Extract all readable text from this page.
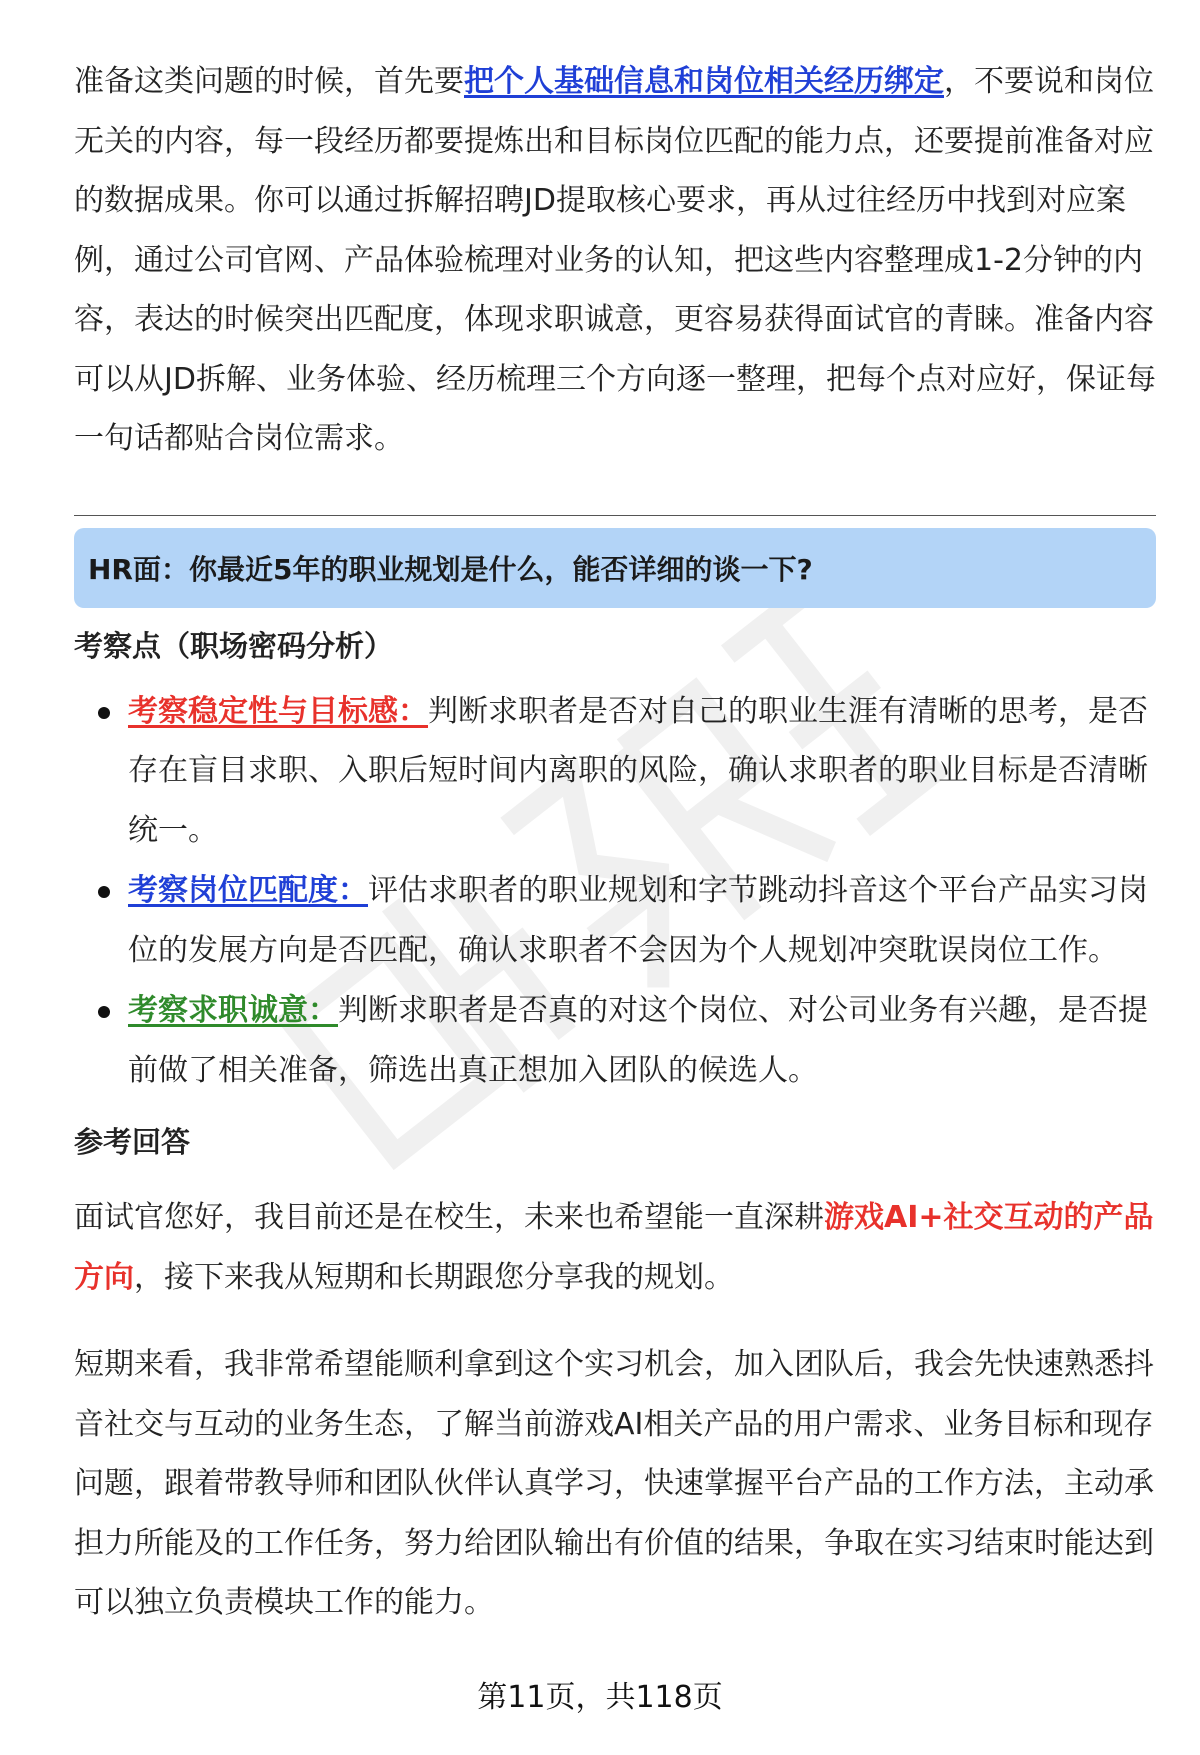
准备这类问题的时候，首先要把个人基础信息和岗位相关经历绑定，不要说和岗位无关的内容，每一段经历都要提炼出和目标岗位匹配的能力点，还要提前准备对应的数据成果。你可以通过拆解招聘JD提取核心要求，再从过往经历中找到对应案例，通过公司官网、产品体验梳理对业务的认知，把这些内容整理成1-2分钟的内容，表达的时候突出匹配度，体现求职诚意，更容易获得面试官的青睐。准备内容可以从JD拆解、业务体验、经历梳理三个方向逐一整理，把每个点对应好，保证每一句话都贴合岗位需求。

HR面：你最近5年的职业规划是什么，能否详细的谈一下?
考察点（职场密码分析）
考察稳定性与目标感：判断求职者是否对自己的职业生涯有清晰的思考，是否存在盲目求职、入职后短时间内离职的风险，确认求职者的职业目标是否清晰统一。
考察岗位匹配度：评估求职者的职业规划和字节跳动抖音这个平台产品实习岗位的发展方向是否匹配，确认求职者不会因为个人规划冲突耽误岗位工作。
考察求职诚意：判断求职者是否真的对这个岗位、对公司业务有兴趣，是否提前做了相关准备，筛选出真正想加入团队的候选人。
参考回答

面试官您好，我目前还是在校生，未来也希望能一直深耕游戏AI+社交互动的产品方向，接下来我从短期和长期跟您分享我的规划。

短期来看，我非常希望能顺利拿到这个实习机会，加入团队后，我会先快速熟悉抖音社交与互动的业务生态，了解当前游戏AI相关产品的用户需求、业务目标和现存问题，跟着带教导师和团队伙伴认真学习，快速掌握平台产品的工作方法，主动承担力所能及的工作任务，努力给团队输出有价值的结果，争取在实习结束时能达到可以独立负责模块工作的能力。

第11页，共118页
